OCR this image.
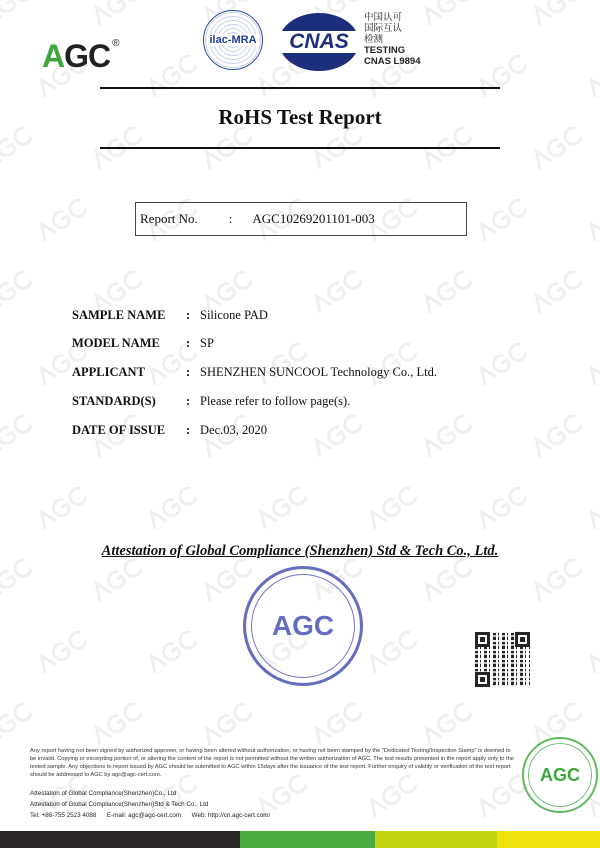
AGC ®	ilac-MRA	CNAS
中国认可
国际互认
检测
TESTING
CNAS L9894
RoHS Test Report
Report No. : AGC10269201101-003
SAMPLE NAME : Silicone PAD
MODEL NAME : SP
APPLICANT	: SHENZHEN SUNCOOL Technology Co., Ltd.
STANDARD(S) : Please refer to follow page(s).
DATE OF ISSUE : Dec.03, 2020
Attestation of Global Compliance (Shenzhen) Std & Tech Co., Ltd.
AGC
Any report having not been signed by authorized approver, or having been altered without authorization, or having not been stamped by the "Dedicated Testing/Inspection Stamp" is deemed to be invalid. Copying or excerpting portion of, or altering the content of the report is not permitted without the written authorization of AGC. The test results presented in the report apply only to the tested sample. Any objections to report issued by AGC should be submitted to AGC within 15days after the issuance of the test report. Further enquiry of validity or verification of the test report should be addressed to AGC by agc@agc-cert.com.
Attestation of Global Compliance(Shenzhen)Co., Ltd
Attestation of Global Compliance(Shenzhen)Std & Tech Co., Ltd
Tel: +86-755 2523 4088      E-mail: agc@agc-cert.com      Web: http://cn.agc-cert.com/
AGC
